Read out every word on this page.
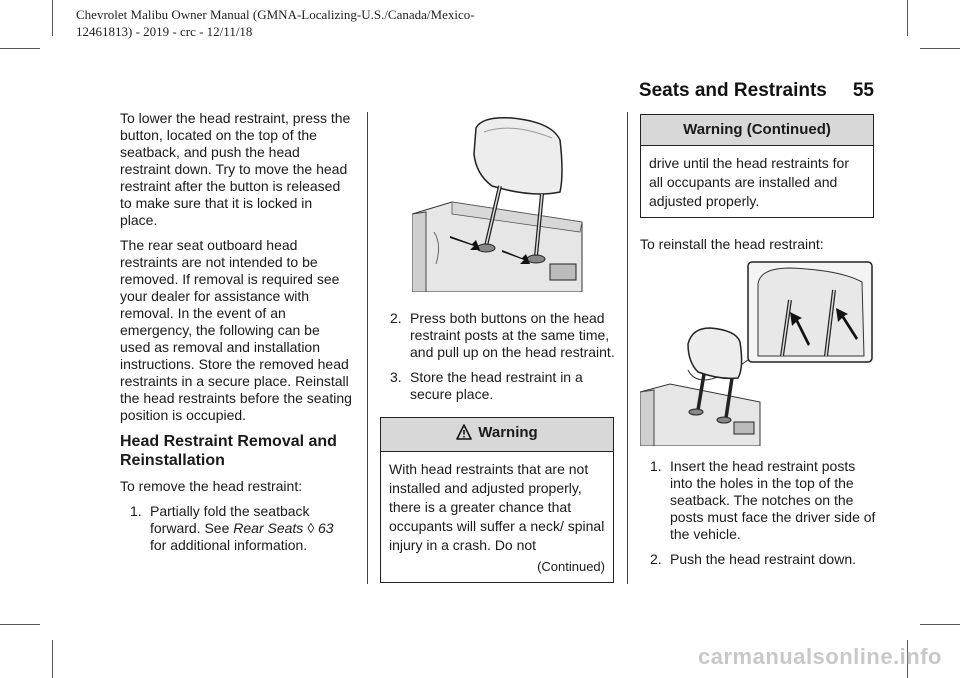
Chevrolet Malibu Owner Manual (GMNA-Localizing-U.S./Canada/Mexico-
12461813) - 2019 - crc - 12/11/18
Seats and Restraints 55

To lower the head restraint, press the button, located on the top of the seatback, and push the head restraint down. Try to move the head restraint after the button is released to make sure that it is locked in place.

The rear seat outboard head restraints are not intended to be removed. If removal is required see your dealer for assistance with removal. In the event of an emergency, the following can be used as removal and installation instructions. Store the removed head restraints in a secure place. Reinstall the head restraints before the seating position is occupied.

Head Restraint Removal and Reinstallation

To remove the head restraint:

1. Partially fold the seatback forward. See Rear Seats ◊ 63 for additional information.
2. Press both buttons on the head restraint posts at the same time, and pull up on the head restraint.
3. Store the head restraint in a secure place.
Warning
With head restraints that are not installed and adjusted properly, there is a greater chance that occupants will suffer a neck/ spinal injury in a crash. Do not
(Continued)
Warning (Continued)
drive until the head restraints for all occupants are installed and adjusted properly.

To reinstall the head restraint:

1. Insert the head restraint posts into the holes in the top of the seatback. The notches on the posts must face the driver side of the vehicle.
2. Push the head restraint down.
carmanualsonline.info
